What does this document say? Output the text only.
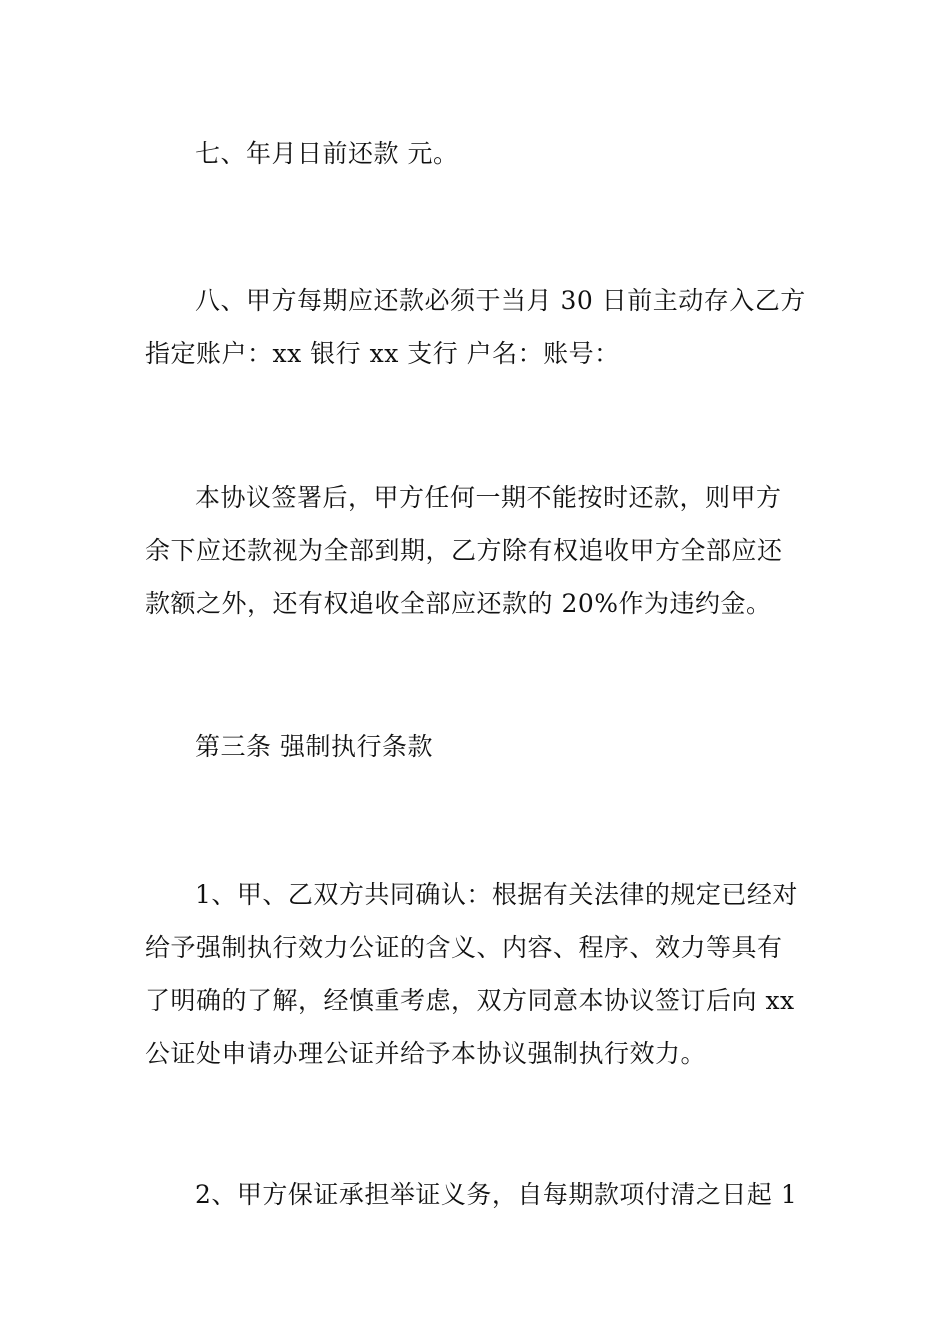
七、年月日前还款 元。

八、甲方每期应还款必须于当月 30 日前主动存入乙方
指定账户：xx 银行 xx 支行 户名：账号：

本协议签署后，甲方任何一期不能按时还款，则甲方
余下应还款视为全部到期，乙方除有权追收甲方全部应还
款额之外，还有权追收全部应还款的 20%作为违约金。

第三条 强制执行条款

1、甲、乙双方共同确认：根据有关法律的规定已经对
给予强制执行效力公证的含义、内容、程序、效力等具有
了明确的了解，经慎重考虑，双方同意本协议签订后向 xx
公证处申请办理公证并给予本协议强制执行效力。

2、甲方保证承担举证义务，自每期款项付清之日起 1
